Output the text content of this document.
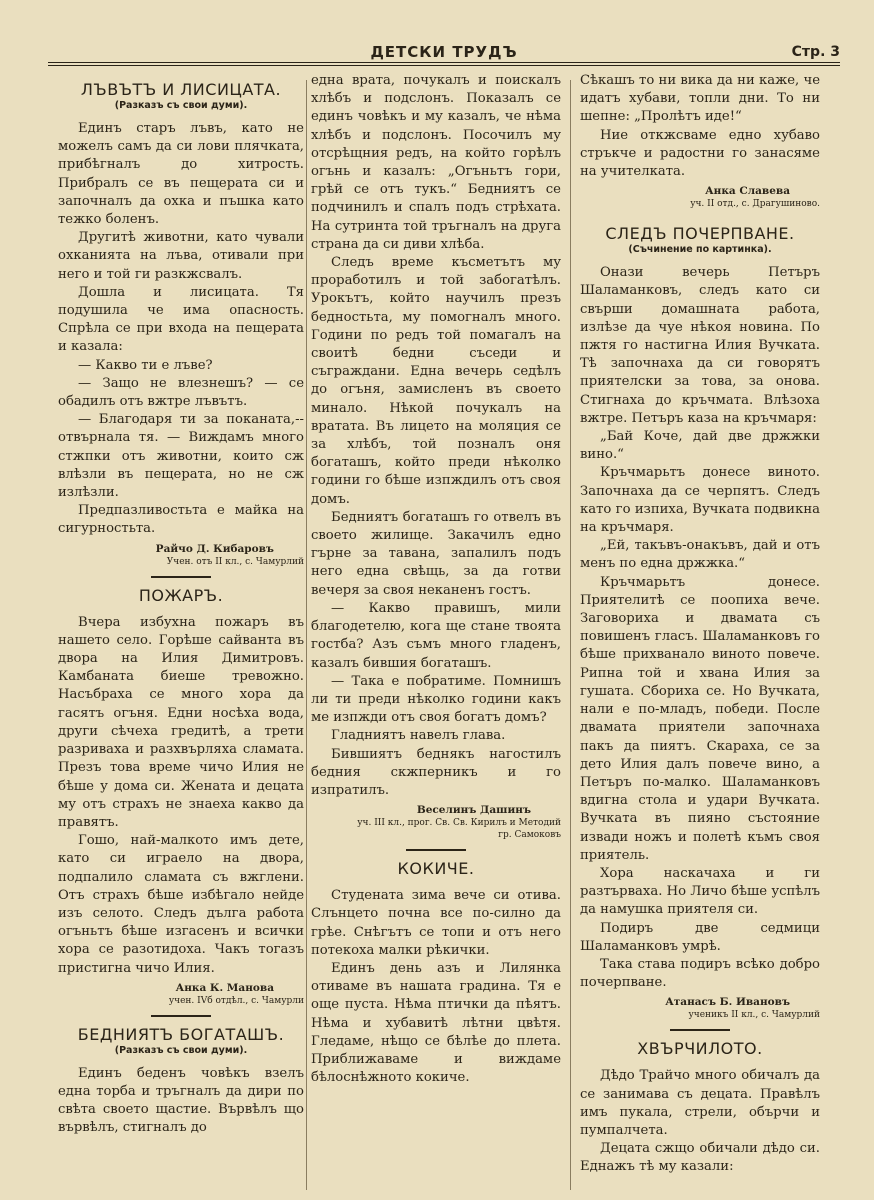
ДЕТСКИ ТРУДЪ	Стр. 3
ЛЪВЪТЪ И ЛИСИЦАТА.
(Разказъ съ свои думи).

Единъ старъ лъвъ, като не можелъ самъ да си лови плячката, прибѣгналъ до хитрость. Прибралъ се въ пещерата си и започналъ да охка и пъшка като тежко боленъ.

Другитѣ животни, като чували охканията на лъва, отивали при него и той ги разкжсвалъ.

Дошла и лисицата. Тя подушила че има опасность. Спрѣла се при входа на пещерата и казала:

— Какво ти е лъве?

— Защо не влезнешъ? — се обадилъ отъ вжтре лъвътъ.

— Благодаря ти за поканата,-- отвърнала тя. — Виждамъ много стжпки отъ животни, които сж влѣзли въ пещерата, но не сж излѣзли.

Предпазливостьта е майка на сигурностьта.

Райчо Д. Кибаровъ
Учен. отъ II кл., с. Чамурлий
ПОЖАРЪ.

Вчера избухна пожаръ въ нашето село. Горѣше сайванта въ двора на Илия Димитровъ. Камбаната биеше тревожно. Насъбраха се много хора да гасятъ огъня. Едни носѣха вода, други сѣчеха гредитѣ, а трети разриваха и разхвърляха сламата. Презъ това време чичо Илия не бѣше у дома си. Жената и децата му отъ страхъ не знаеха какво да правятъ.

Гошо, най-малкото имъ дете, като си играело на двора, подпалило сламата съ вжглени. Отъ страхъ бѣше избѣгало нейде изъ селото. Следъ дълга работа огъньтъ бѣше изгасенъ и всички хора се разотидоха. Чакъ тогазъ пристигна чичо Илия.

Анка К. Манова
учен. IVб отдѣл., с. Чамурли
БЕДНИЯТЪ БОГАТАШЪ.
(Разказъ съ свои думи).

Единъ беденъ човѣкъ взелъ една торба и тръгналъ да дири по свѣта своето щастие. Вървѣлъ що вървѣлъ, стигналъ до

една врата, почукалъ и поискалъ хлѣбъ и подслонъ. Показалъ се единъ човѣкъ и му казалъ, че нѣма хлѣбъ и подслонъ. Посочилъ му отсрѣщния редъ, на който горѣлъ огънь и казалъ: „Огъньтъ гори, грѣй се отъ тукъ.“ Бедниятъ се подчинилъ и спалъ подъ стрѣхата. На сутринта той тръгналъ на друга страна да си диви хлѣба.

Следъ време късметътъ му проработилъ и той забогатѣлъ. Урокътъ, който научилъ презъ бедностьта, му помогналъ много. Години по редъ той помагалъ на своитѣ бедни съседи и съграждани. Една вечерь седѣлъ до огъня, замисленъ въ своето минало. Нѣкой почукалъ на вратата. Въ лицето на моляция се за хлѣбъ, той позналъ оня богаташъ, който преди нѣколко години го бѣше изпждилъ отъ своя домъ.

Бедниятъ богаташъ го отвелъ въ своето жилище. Закачилъ едно гърне за тавана, запалилъ подъ него една свѣщь, за да готви вечеря за своя неканенъ гостъ.

— Какво правишъ, мили благодетелю, кога ще стане твоята гостба? Азъ съмъ много гладенъ, казалъ бившия богаташъ.

— Така е побратиме. Помнишъ ли ти преди нѣколко години какъ ме изпжди отъ своя богатъ домъ?

Гладниятъ навелъ глава.

Бившиятъ беднякъ нагостилъ бедния скжперникъ и го изпратилъ.

Веселинъ Дашинъ
уч. III кл., прог. Св. Св. Кирилъ и Методий
гр. Самоковъ
КОКИЧЕ.

Студената зима вече си отива. Слънцето почна все по-силно да грѣе. Снѣгътъ се топи и отъ него потекоха малки рѣкички.

Единъ день азъ и Лилянка отиваме въ нашата градина. Тя е още пуста. Нѣма птички да пѣятъ. Нѣма и хубавитѣ лѣтни цвѣтя. Гледаме, нѣщо се бѣлѣе до плета. Приближаваме и виждаме бѣлоснѣжното кокиче.

Сѣкашъ то ни вика да ни каже, че идатъ хубави, топли дни. То ни шепне: „Пролѣтъ иде!“

Ние откжсваме едно хубаво стръкче и радостни го занасяме на учителката.

Анка Славева
уч. II отд., с. Драгушиново.
СЛЕДЪ ПОЧЕРПВАНЕ.
(Съчинение по картинка).

Онази вечерь Петъръ Шаламанковъ, следъ като си свърши домашната работа, излѣзе да чуе нѣкоя новина. По пжтя го настигна Илия Вучката. Тѣ започнаха да си говорятъ приятелски за това, за онова. Стигнаха до кръчмата. Влѣзоха вжтре. Петъръ каза на кръчмаря:

„Бай Коче, дай две држжки вино.“

Кръчмарьтъ донесе виното. Започнаха да се черпятъ. Следъ като го изпиха, Вучката подвикна на кръчмаря.

„Ей, такъвъ-онакъвъ, дай и отъ менъ по една држжка.“

Кръчмарьтъ донесе. Приятелитѣ се поопиха вече. Заговориха и двамата съ повишенъ гласъ. Шаламанковъ го бѣше прихванало виното повече. Рипна той и хвана Илия за гушата. Сбориха се. Но Вучката, нали е по-младъ, победи. После двамата приятели започнаха пакъ да пиятъ. Скараха, се за дето Илия далъ повече вино, а Петъръ по-малко. Шаламанковъ вдигна стола и удари Вучката. Вучката въ пияно състояние извади ножъ и полетѣ къмъ своя приятель.

Хора наскачаха и ги разтърваха. Но Личо бѣше успѣлъ да намушка приятеля си.

Подиръ две седмици Шаламанковъ умрѣ.

Така става подиръ всѣко добро почерпване.

Атанасъ Б. Ивановъ
ученикъ II кл., с. Чамурлий
ХВЪРЧИЛОТО.

Дѣдо Трайчо много обичалъ да се занимава съ децата. Правѣлъ имъ пукала, стрели, обърчи и пумпалчета.

Децата сжщо обичали дѣдо си. Еднажъ тѣ му казали:
